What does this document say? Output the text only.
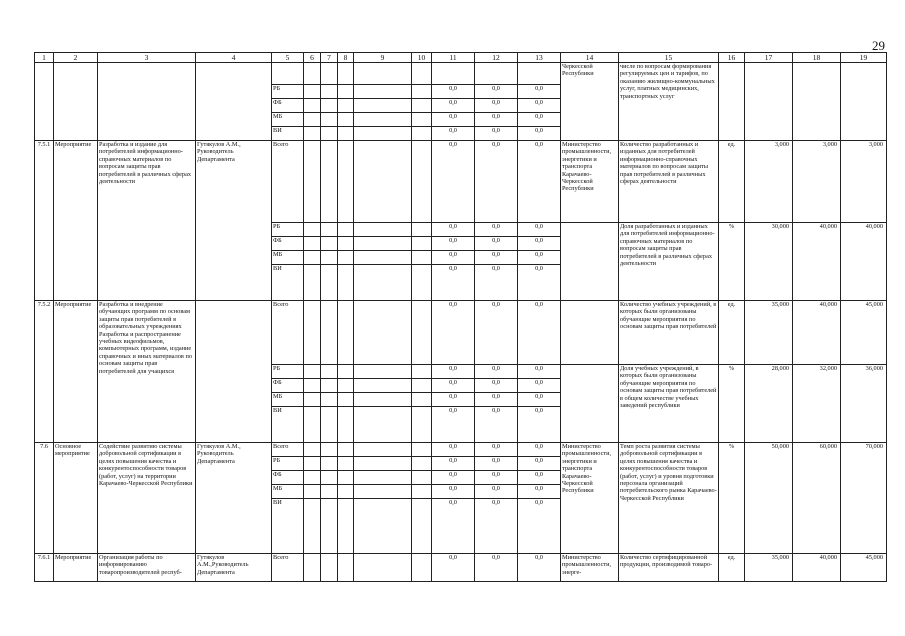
29
1	2	3	4	5	6	7	8	9	10	11	12	13	14	15	16	17	18	19
													Черкесской Республики	числе по вопросам формирования регулируемых цен и тарифов, по оказанию жилищно-коммунальных услуг, платных медицинских, транспортных услуг				
				РБ						0,0	0,0	0,0						
				ФБ						0,0	0,0	0,0						
				МБ						0,0	0,0	0,0						
				ВИ						0,0	0,0	0,0						
7.5.1	Мероприятие	Разработка и издание для потребителей информационно-справочных материалов по вопросам защиты прав потребителей в различных сферах деятельности	Гутякулов А.М., Руководитель Департамента	Всего						0,0	0,0	0,0	Министерство промышленности, энергетики и транспорта Карачаево-Черкесской Республики	Количество разработанных и изданных для потребителей информационно-справочных материалов по вопросам защиты прав потребителей в различных сферах деятельности	ед.	3,000	3,000	3,000
				РБ						0,0	0,0	0,0		Доля разработанных и изданных для потребителей информационно-справочных материалов по вопросам защиты прав потребителей в различных сферах деятельности	%	30,000	40,000	40,000
				ФБ						0,0	0,0	0,0						
				МБ						0,0	0,0	0,0						
				ВИ						0,0	0,0	0,0						
7.5.2	Мероприятие	Разработка и внедрение обучающих программ по основам защиты прав потребителей в образовательных учреждениях Разработка и распространение учебных видеофильмов, компьютерных программ, издание справочных и иных материалов по основам защиты прав потребителей для учащихся		Всего						0,0	0,0	0,0		Количество учебных учреждений, в которых были организованы обучающие мероприятия по основам защиты прав потребителей	ед.	35,000	40,000	45,000
				РБ						0,0	0,0	0,0		Доля учебных учреждений, в которых были организованы обучающие мероприятия по основам защиты прав потребителей в общем количестве учебных заведений республики	%	28,000	32,000	36,000
				ФБ						0,0	0,0	0,0						
				МБ						0,0	0,0	0,0						
				ВИ						0,0	0,0	0,0						
7.6	Основное мероприятие	Содействие развитию системы добровольной сертификации в целях повышения качества и конкурентоспособности товаров (работ, услуг) на территории Карачаево-Черкесской Республики	Гутякулов А.М., Руководитель Департамента	Всего						0,0	0,0	0,0	Министерство промышленности, энергетики и транспорта Карачаево-Черкесской Республики	Темп роста развития системы добровольной сертификации в целях повышения качества и конкурентоспособности товаров (работ, услуг) и уровня подготовки персонала организаций потребительского рынка Карачаево-Черкесской Республики	%	50,000	60,000	70,000
				РБ						0,0	0,0	0,0						
				ФБ						0,0	0,0	0,0						
				МБ						0,0	0,0	0,0						
				ВИ						0,0	0,0	0,0						
7.6.1	Мероприятие	Организация работы по информированию товаропроизводителей респуб-	Гутякулов А.М.,Руководитель Департамента	Всего						0,0	0,0	0,0	Министерство промышленности, энерге-	Количество сертифицированной продукции, производимой товаро-	ед.	35,000	40,000	45,000
